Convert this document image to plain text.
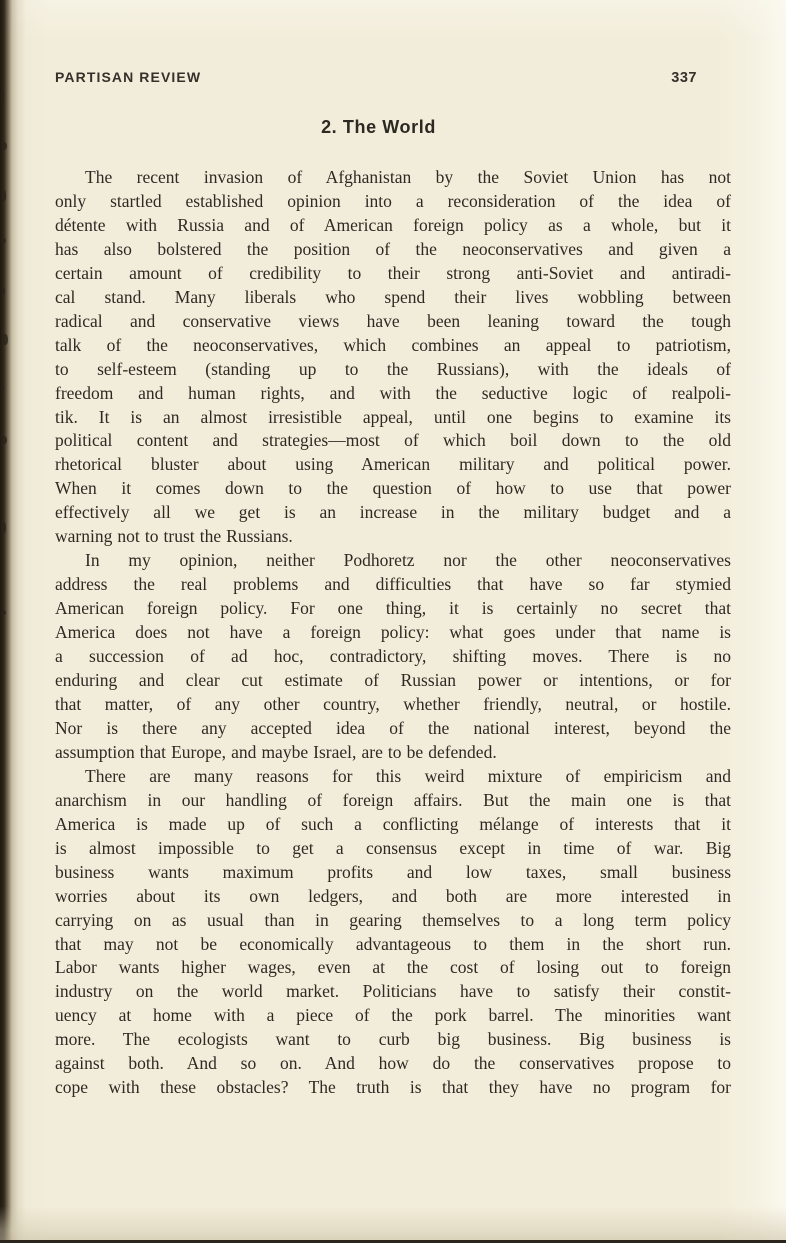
PARTISAN REVIEW	337
2. The World
The recent invasion of Afghanistan by the Soviet Union has not
only startled established opinion into a reconsideration of the idea of
détente with Russia and of American foreign policy as a whole, but it
has also bolstered the position of the neoconservatives and given a
certain amount of credibility to their strong anti-Soviet and antiradi-
cal stand. Many liberals who spend their lives wobbling between
radical and conservative views have been leaning toward the tough
talk of the neoconservatives, which combines an appeal to patriotism,
to self-esteem (standing up to the Russians), with the ideals of
freedom and human rights, and with the seductive logic of realpoli-
tik. It is an almost irresistible appeal, until one begins to examine its
political content and strategies—most of which boil down to the old
rhetorical bluster about using American military and political power.
When it comes down to the question of how to use that power
effectively all we get is an increase in the military budget and a
warning not to trust the Russians.
In my opinion, neither Podhoretz nor the other neoconservatives
address the real problems and difficulties that have so far stymied
American foreign policy. For one thing, it is certainly no secret that
America does not have a foreign policy: what goes under that name is
a succession of ad hoc, contradictory, shifting moves. There is no
enduring and clear cut estimate of Russian power or intentions, or for
that matter, of any other country, whether friendly, neutral, or hostile.
Nor is there any accepted idea of the national interest, beyond the
assumption that Europe, and maybe Israel, are to be defended.
There are many reasons for this weird mixture of empiricism and
anarchism in our handling of foreign affairs. But the main one is that
America is made up of such a conflicting mélange of interests that it
is almost impossible to get a consensus except in time of war. Big
business wants maximum profits and low taxes, small business
worries about its own ledgers, and both are more interested in
carrying on as usual than in gearing themselves to a long term policy
that may not be economically advantageous to them in the short run.
Labor wants higher wages, even at the cost of losing out to foreign
industry on the world market. Politicians have to satisfy their constit-
uency at home with a piece of the pork barrel. The minorities want
more. The ecologists want to curb big business. Big business is
against both. And so on. And how do the conservatives propose to
cope with these obstacles? The truth is that they have no program for
